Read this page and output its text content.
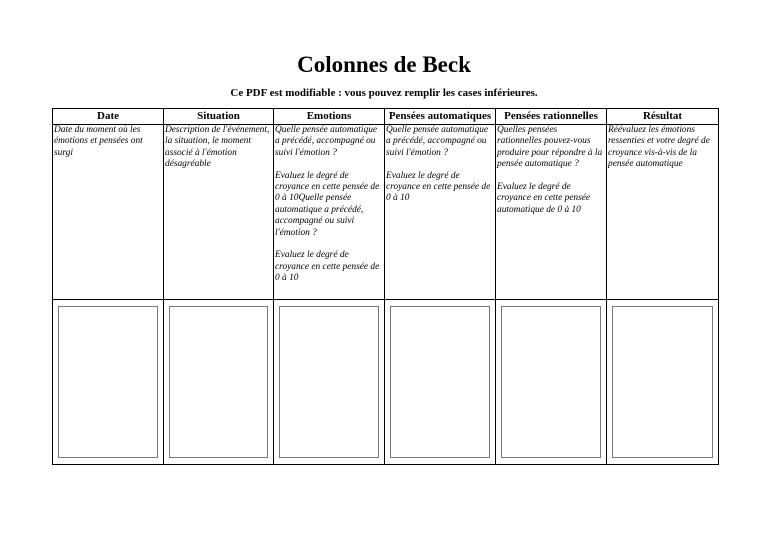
Colonnes de Beck
Ce PDF est modifiable : vous pouvez remplir les cases inférieures.
Date	Situation	Emotions	Pensées automatiques	Pensées rationnelles	Résultat
Date du moment où les émotions et pensées ont surgi	Description de l'événement, la situation, le moment associé à l'émotion désagréable	Quelle pensée automatique a précédé, accompagné ou suivi l'émotion ?

Evaluez le degré de croyance en cette pensée de 0 à 10Quelle pensée automatique a précédé, accompagné ou suivi l'émotion ?

Evaluez le degré de croyance en cette pensée de 0 à 10	Quelle pensée automatique a précédé, accompagné ou suivi l'émotion ?

Evaluez le degré de croyance en cette pensée de 0 à 10	Quelles pensées rationnelles pouvez-vous produire pour répondre à la pensée automatique ?

Evaluez le degré de croyance en cette pensée automatique de 0 à 10	Réévaluez les émotions ressenties et votre degré de croyance vis-à-vis de la pensée automatique
